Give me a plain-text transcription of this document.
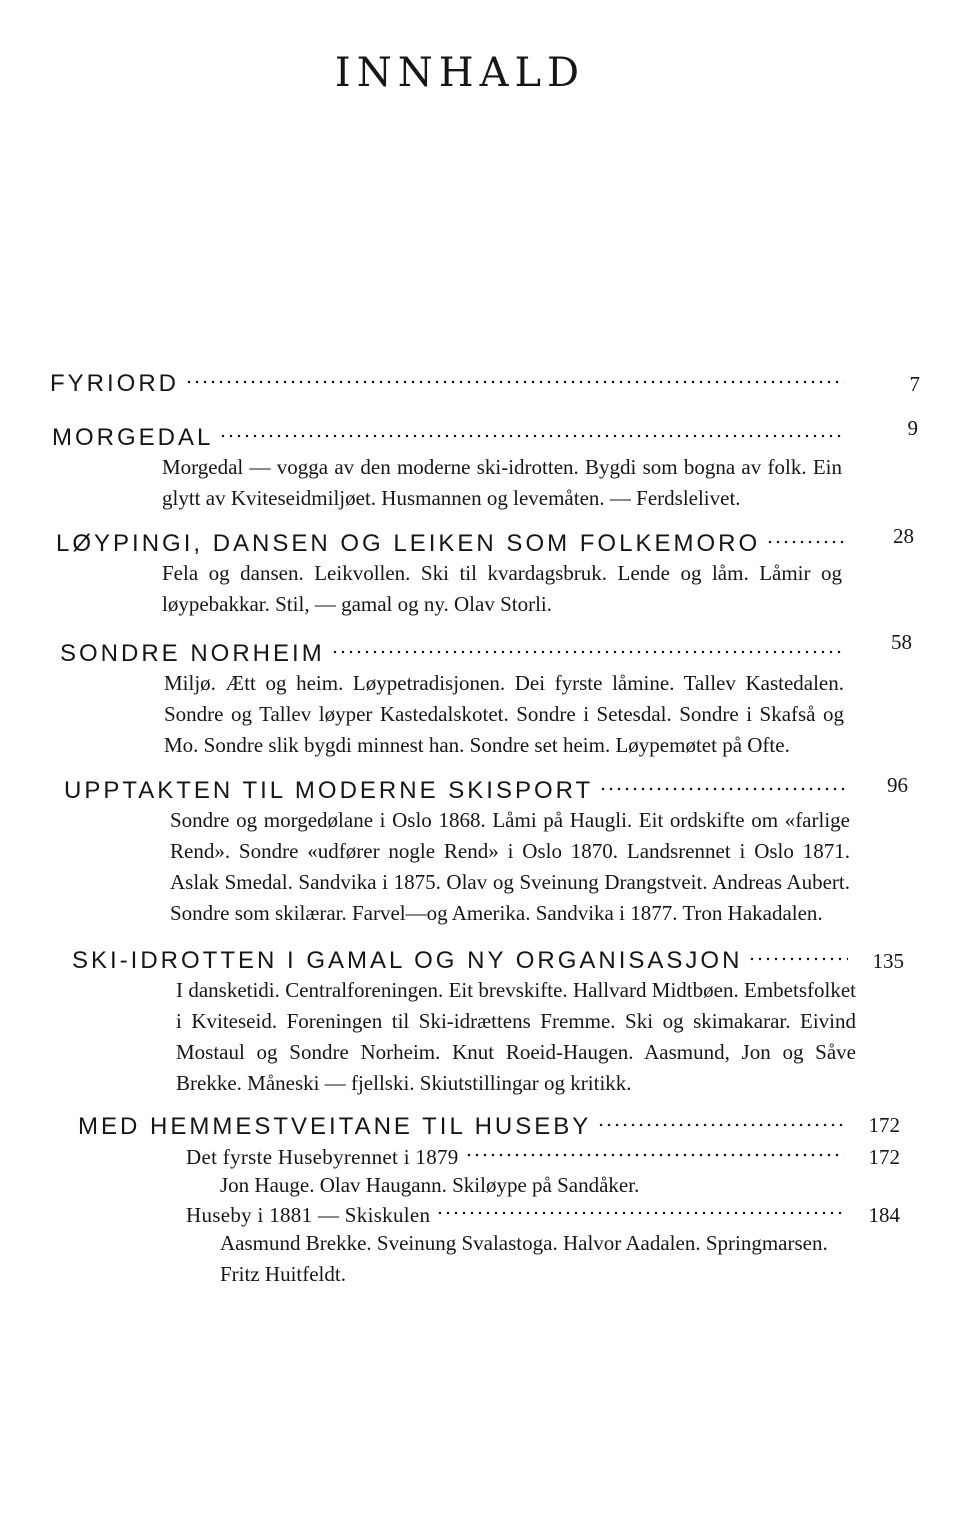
INNHALD
FYRIORD	7
MORGEDAL	9
Morgedal — vogga av den moderne ski-idrotten. Bygdi som bogna av folk. Ein glytt av Kviteseidmiljøet. Husmannen og levemåten. — Ferdslelivet.
LØYPINGI, DANSEN OG LEIKEN SOM FOLKEMORO	28
Fela og dansen. Leikvollen. Ski til kvardagsbruk. Lende og låm. Låmir og løypebakkar. Stil, — gamal og ny. Olav Storli.
SONDRE NORHEIM	58
Miljø. Ætt og heim. Løypetradisjonen. Dei fyrste låmine. Tallev Kastedalen. Sondre og Tallev løyper Kastedalskotet. Sondre i Setesdal. Sondre i Skafså og Mo. Sondre slik bygdi minnest han. Sondre set heim. Løypemøtet på Ofte.
UPPTAKTEN TIL MODERNE SKISPORT	96
Sondre og morgedølane i Oslo 1868. Låmi på Haugli. Eit ordskifte om «farlige Rend». Sondre «udfører nogle Rend» i Oslo 1870. Landsrennet i Oslo 1871. Aslak Smedal. Sandvika i 1875. Olav og Sveinung Drangstveit. Andreas Aubert. Sondre som skilærar. Farvel—og Amerika. Sandvika i 1877. Tron Hakadalen.
SKI-IDROTTEN I GAMAL OG NY ORGANISASJON	135
I dansketidi. Centralforeningen. Eit brevskifte. Hallvard Midtbøen. Embetsfolket i Kviteseid. Foreningen til Ski-idrættens Fremme. Ski og skimakarar. Eivind Mostaul og Sondre Norheim. Knut Roeid-Haugen. Aasmund, Jon og Såve Brekke. Måneski — fjellski. Skiutstillingar og kritikk.
MED HEMMESTVEITANE TIL HUSEBY	172
Det fyrste Husebyrennet i 1879	172
Jon Hauge. Olav Haugann. Skiløype på Sandåker.
Huseby i 1881 — Skiskulen	184
Aasmund Brekke. Sveinung Svalastoga. Halvor Aadalen. Springmarsen. Fritz Huitfeldt.
